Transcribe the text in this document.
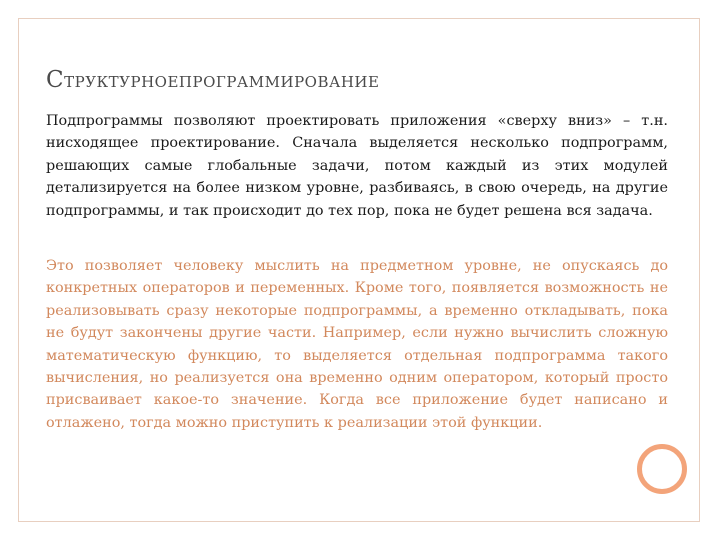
СТРУКТУРНОЕПРОГРАММИРОВАНИЕ

Подпрограммы позволяют проектировать приложения «сверху вниз» – т.н. нисходящее проектирование. Сначала выделяется несколько подпрограмм, решающих самые глобальные задачи, потом каждый из этих модулей детализируется на более низком уровне, разбиваясь, в свою очередь, на другие подпрограммы, и так происходит до тех пор, пока не будет решена вся задача.

Это позволяет человеку мыслить на предметном уровне, не опускаясь до конкретных операторов и переменных. Кроме того, появляется возможность не реализовывать сразу некоторые подпрограммы, а временно откладывать, пока не будут закончены другие части. Например, если нужно вычислить сложную математическую функцию, то выделяется отдельная подпрограмма такого вычисления, но реализуется она временно одним оператором, который просто присваивает какое-то значение. Когда все приложение будет написано и отлажено, тогда можно приступить к реализации этой функции.
